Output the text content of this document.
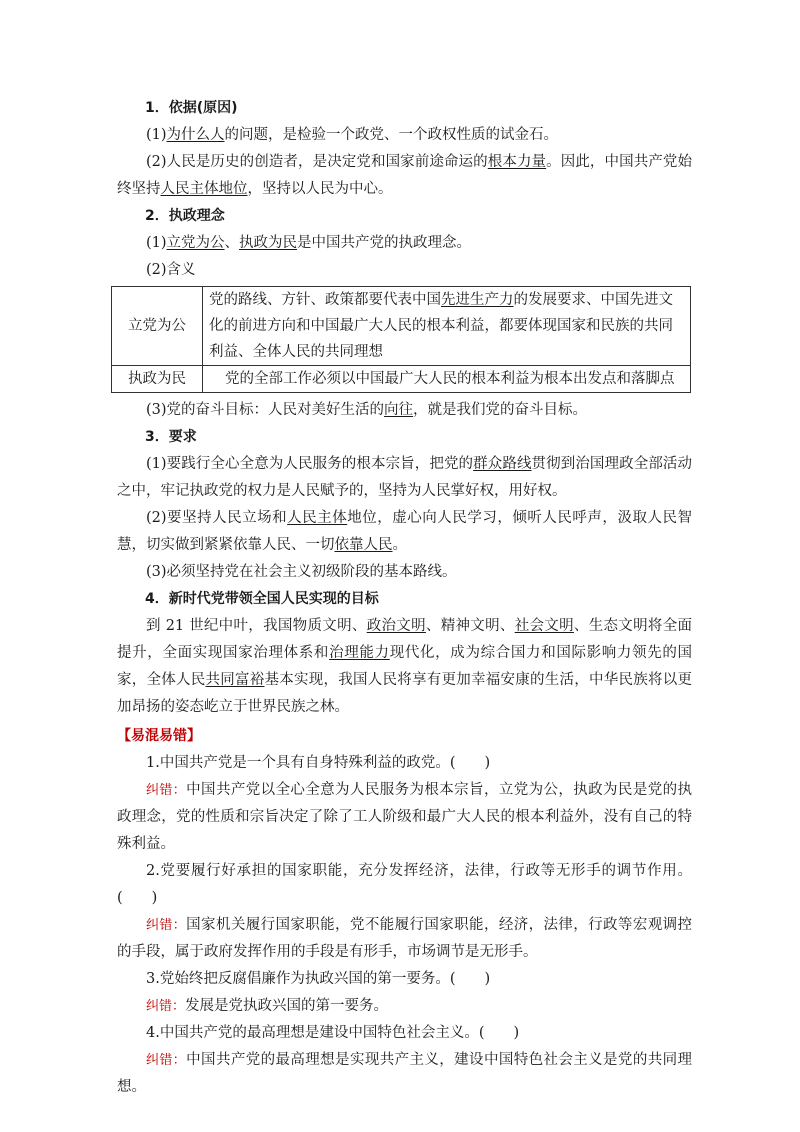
1．依据(原因)
(1)为什么人的问题，是检验一个政党、一个政权性质的试金石。
(2)人民是历史的创造者，是决定党和国家前途命运的根本力量。因此，中国共产党始终坚持人民主体地位，坚持以人民为中心。
2．执政理念
(1)立党为公、执政为民是中国共产党的执政理念。
(2)含义
立党为公	党的路线、方针、政策都要代表中国先进生产力的发展要求、中国先进文化的前进方向和中国最广大人民的根本利益，都要体现国家和民族的共同利益、全体人民的共同理想
执政为民	党的全部工作必须以中国最广大人民的根本利益为根本出发点和落脚点
(3)党的奋斗目标：人民对美好生活的向往，就是我们党的奋斗目标。
3．要求
(1)要践行全心全意为人民服务的根本宗旨，把党的群众路线贯彻到治国理政全部活动之中，牢记执政党的权力是人民赋予的，坚持为人民掌好权，用好权。
(2)要坚持人民立场和人民主体地位，虚心向人民学习，倾听人民呼声，汲取人民智慧，切实做到紧紧依靠人民、一切依靠人民。
(3)必须坚持党在社会主义初级阶段的基本路线。
4．新时代党带领全国人民实现的目标
到 21 世纪中叶，我国物质文明、政治文明、精神文明、社会文明、生态文明将全面提升，全面实现国家治理体系和治理能力现代化，成为综合国力和国际影响力领先的国家，全体人民共同富裕基本实现，我国人民将享有更加幸福安康的生活，中华民族将以更加昂扬的姿态屹立于世界民族之林。
【易混易错】
1.中国共产党是一个具有自身特殊利益的政党。(　　)
纠错：中国共产党以全心全意为人民服务为根本宗旨，立党为公，执政为民是党的执政理念，党的性质和宗旨决定了除了工人阶级和最广大人民的根本利益外，没有自己的特殊利益。
2.党要履行好承担的国家职能，充分发挥经济，法律，行政等无形手的调节作用。(　　)
纠错：国家机关履行国家职能，党不能履行国家职能，经济，法律，行政等宏观调控的手段，属于政府发挥作用的手段是有形手，市场调节是无形手。
3.党始终把反腐倡廉作为执政兴国的第一要务。(　　)
纠错：发展是党执政兴国的第一要务。
4.中国共产党的最高理想是建设中国特色社会主义。(　　)
纠错：中国共产党的最高理想是实现共产主义，建设中国特色社会主义是党的共同理想。
